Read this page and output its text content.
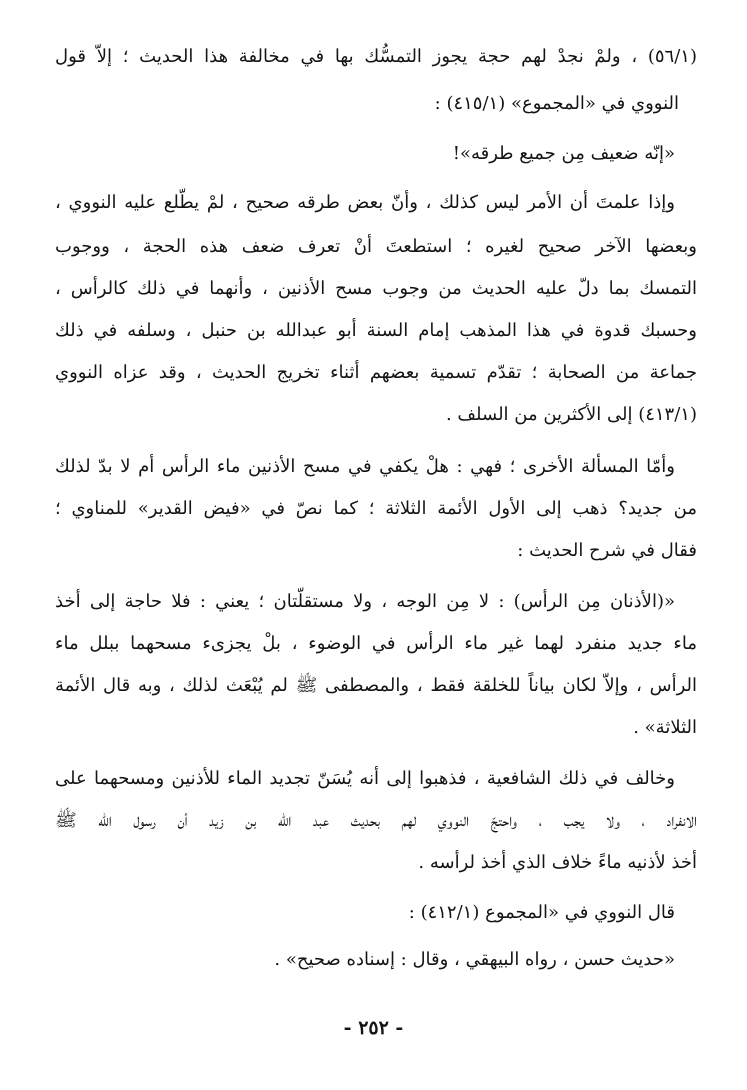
(٥٦/١) ، ولمْ نجدْ لهم حجة يجوز التمسُّك بها في مخالفة هذا الحديث ؛ إلاّ قول
النووي في «المجموع» (٤١٥/١) :
«إنّه ضعيف مِن جميع طرقه»!
وإذا علمتَ أن الأمر ليس كذلك ، وأنّ بعض طرقه صحيح ، لمْ يطّلع عليه النووي ،
وبعضها الآخر صحيح لغيره ؛ استطعتَ أنْ تعرف ضعف هذه الحجة ، ووجوب
التمسك بما دلّ عليه الحديث من وجوب مسح الأذنين ، وأنهما في ذلك كالرأس ،
وحسبك قدوة في هذا المذهب إمام السنة أبو عبدالله بن حنبل ، وسلفه في ذلك
جماعة من الصحابة ؛ تقدّم تسمية بعضهم أثناء تخريج الحديث ، وقد عزاه النووي
(٤١٣/١) إلى الأكثرين من السلف .
وأمّا المسألة الأخرى ؛ فهي : هلْ يكفي في مسح الأذنين ماء الرأس أم لا بدّ لذلك
من جديد؟ ذهب إلى الأول الأئمة الثلاثة ؛ كما نصّ في «فيض القدير» للمناوي ؛
فقال في شرح الحديث :
«(الأذنان مِن الرأس) : لا مِن الوجه ، ولا مستقلّتان ؛ يعني : فلا حاجة إلى أخذ
ماء جديد منفرد لهما غير ماء الرأس في الوضوء ، بلْ يجزىء مسحهما ببلل ماء
الرأس ، وإلاّ لكان بياناً للخلقة فقط ، والمصطفى ﷺ لم يُبْعَث لذلك ، وبه قال الأئمة
الثلاثة» .
وخالف في ذلك الشافعية ، فذهبوا إلى أنه يُسَنّ تجديد الماء للأذنين ومسحهما على
الانفراد ، ولا يجب ، واحتجّ النووي لهم بحديث عبد الله بن زيد أن رسول الله ﷺ
أخذ لأذنيه ماءً خلاف الذي أخذ لرأسه .
قال النووي في «المجموع (٤١٢/١) :
«حديث حسن ، رواه البيهقي ، وقال : إسناده صحيح» .
- ٢٥٢ -
